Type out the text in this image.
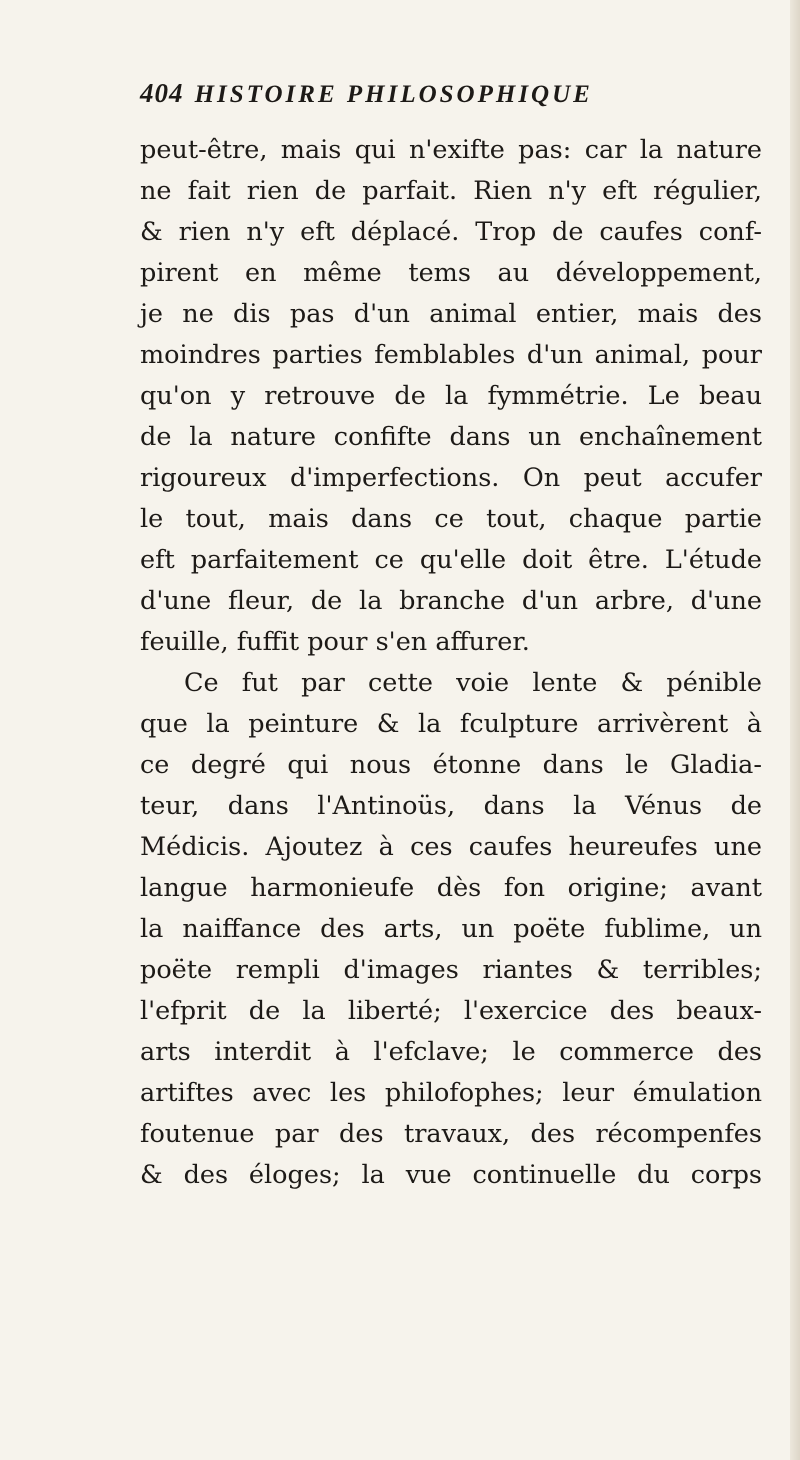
404 HISTOIRE PHILOSOPHIQUE
peut-être, mais qui n'exifte pas: car la nature
ne fait rien de parfait. Rien n'y eft régulier,
& rien n'y eft déplacé. Trop de caufes conf-
pirent en même tems au développement,
je ne dis pas d'un animal entier, mais des
moindres parties femblables d'un animal, pour
qu'on y retrouve de la fymmétrie. Le beau
de la nature confifte dans un enchaînement
rigoureux d'imperfections. On peut accufer
le tout, mais dans ce tout, chaque partie
eft parfaitement ce qu'elle doit être. L'étude
d'une fleur, de la branche d'un arbre, d'une
feuille, fuffit pour s'en affurer.
Ce fut par cette voie lente & pénible
que la peinture & la fculpture arrivèrent à
ce degré qui nous étonne dans le Gladia-
teur, dans l'Antinoüs, dans la Vénus de
Médicis. Ajoutez à ces caufes heureufes une
langue harmonieufe dès fon origine; avant
la naiffance des arts, un poëte fublime, un
poëte rempli d'images riantes & terribles;
l'efprit de la liberté; l'exercice des beaux-
arts interdit à l'efclave; le commerce des
artiftes avec les philofophes; leur émulation
foutenue par des travaux, des récompenfes
& des éloges; la vue continuelle du corps
